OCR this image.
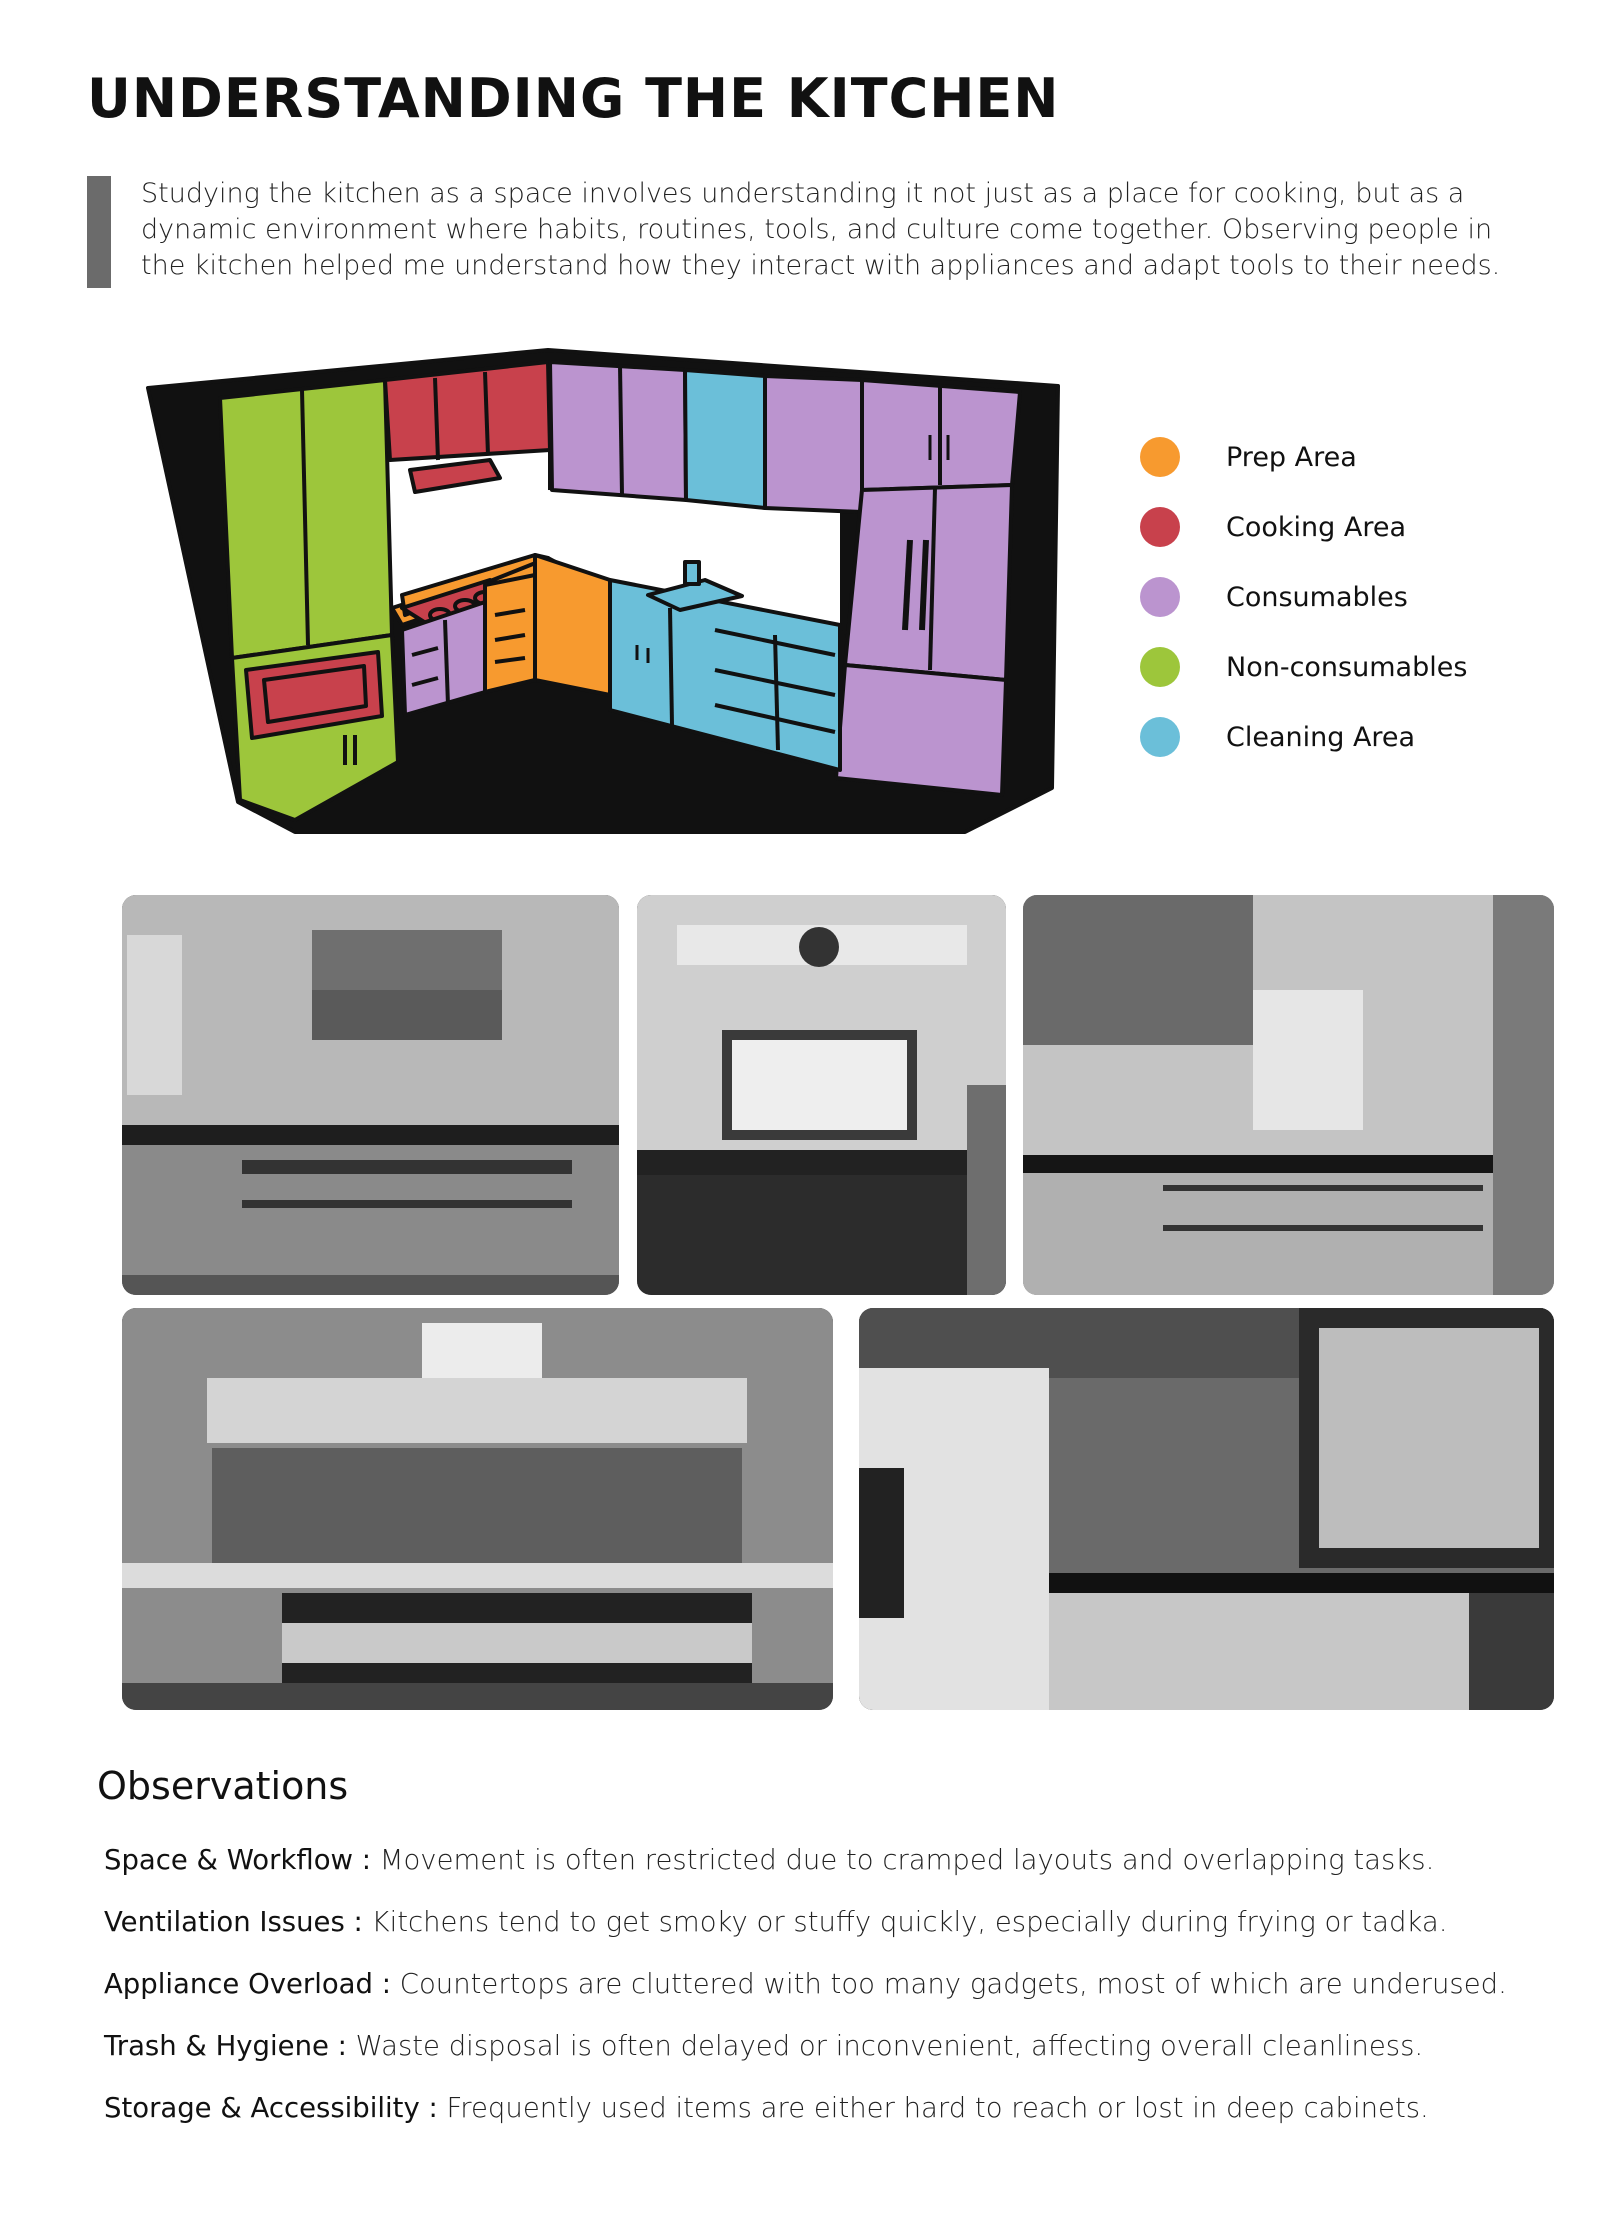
UNDERSTANDING THE KITCHEN

Studying the kitchen as a space involves understanding it not just as a place for cooking, but as a dynamic environment where habits, routines, tools, and culture come together. Observing people in the kitchen helped me understand how they interact with appliances and adapt tools to their needs.

Prep Area
Cooking Area
Consumables
Non-consumables
Cleaning Area
Observations
Space & Workflow : Movement is often restricted due to cramped layouts and overlapping tasks.
Ventilation Issues : Kitchens tend to get smoky or stuffy quickly, especially during frying or tadka.
Appliance Overload : Countertops are cluttered with too many gadgets, most of which are underused.
Trash & Hygiene : Waste disposal is often delayed or inconvenient, affecting overall cleanliness.
Storage & Accessibility : Frequently used items are either hard to reach or lost in deep cabinets.
